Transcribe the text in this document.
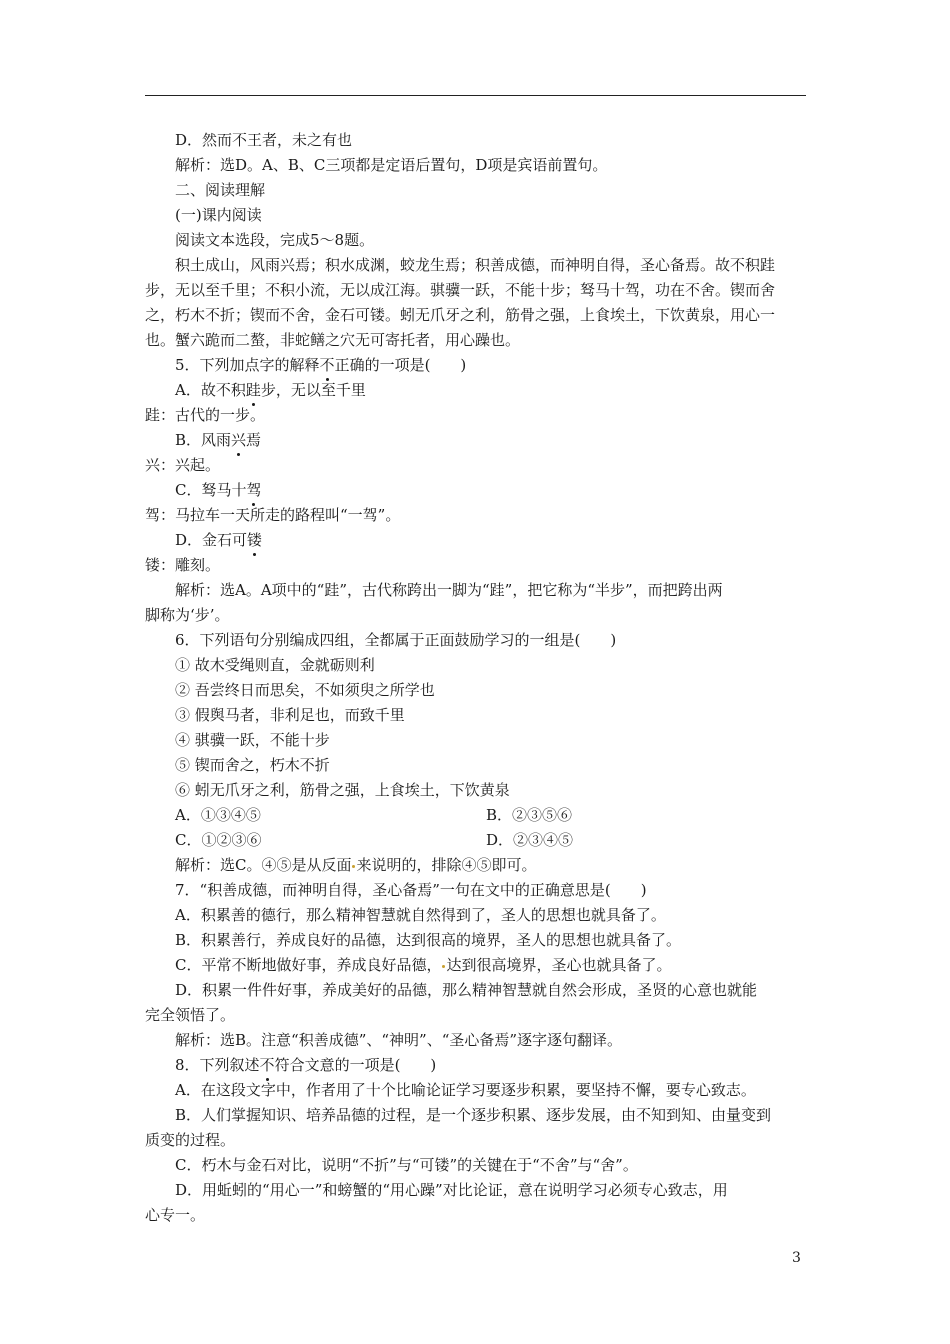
D．然而不王者，未之有也
解析：选D。A、B、C三项都是定语后置句，D项是宾语前置句。
二、阅读理解
(一)课内阅读
阅读文本选段，完成5～8题。
积土成山，风雨兴焉；积水成渊，蛟龙生焉；积善成德，而神明自得，圣心备焉。故不积跬
步，无以至千里；不积小流，无以成江海。骐骥一跃，不能十步；驽马十驾，功在不舍。锲而舍
之，朽木不折；锲而不舍，金石可镂。蚓无爪牙之利，筋骨之强，上食埃土，下饮黄泉，用心一
也。蟹六跪而二螯，非蛇鳝之穴无可寄托者，用心躁也。
5．下列加点字的解释不正确的一项是(　　)
A．故不积跬步，无以至千里
跬：古代的一步。
B．风雨兴焉
兴：兴起。
C．驽马十驾
驾：马拉车一天所走的路程叫“一驾”。
D．金石可镂
镂：雕刻。
解析：选A。A项中的“跬”，古代称跨出一脚为“跬”，把它称为“半步”，而把跨出两
脚称为‘步’。
6．下列语句分别编成四组，全都属于正面鼓励学习的一组是(　　)
① 故木受绳则直，金就砺则利
② 吾尝终日而思矣，不如须臾之所学也
③ 假舆马者，非利足也，而致千里
④ 骐骥一跃，不能十步
⑤ 锲而舍之，朽木不折
⑥ 蚓无爪牙之利，筋骨之强，上食埃土，下饮黄泉
A．①③④⑤	B．②③⑤⑥
C．①②③⑥	D．②③④⑤
解析：选C。④⑤是从反面 来说明的，排除④⑤即可。
7．“积善成德，而神明自得，圣心备焉”一句在文中的正确意思是(　　)
A．积累善的德行，那么精神智慧就自然得到了，圣人的思想也就具备了。
B．积累善行，养成良好的品德，达到很高的境界，圣人的思想也就具备了。
C．平常不断地做好事，养成良好品德， 达到很高境界，圣心也就具备了。
D．积累一件件好事，养成美好的品德，那么精神智慧就自然会形成，圣贤的心意也就能
完全领悟了。
解析：选B。注意“积善成德”、“神明”、“圣心备焉”逐字逐句翻译。
8．下列叙述不符合文意的一项是(　　)
A．在这段文字中，作者用了十个比喻论证学习要逐步积累，要坚持不懈，要专心致志。
B．人们掌握知识、培养品德的过程，是一个逐步积累、逐步发展，由不知到知、由量变到
质变的过程。
C．朽木与金石对比，说明“不折”与“可镂”的关键在于“不舍”与“舍”。
D．用蚯蚓的“用心一”和螃蟹的“用心躁”对比论证，意在说明学习必须专心致志，用
心专一。
3
